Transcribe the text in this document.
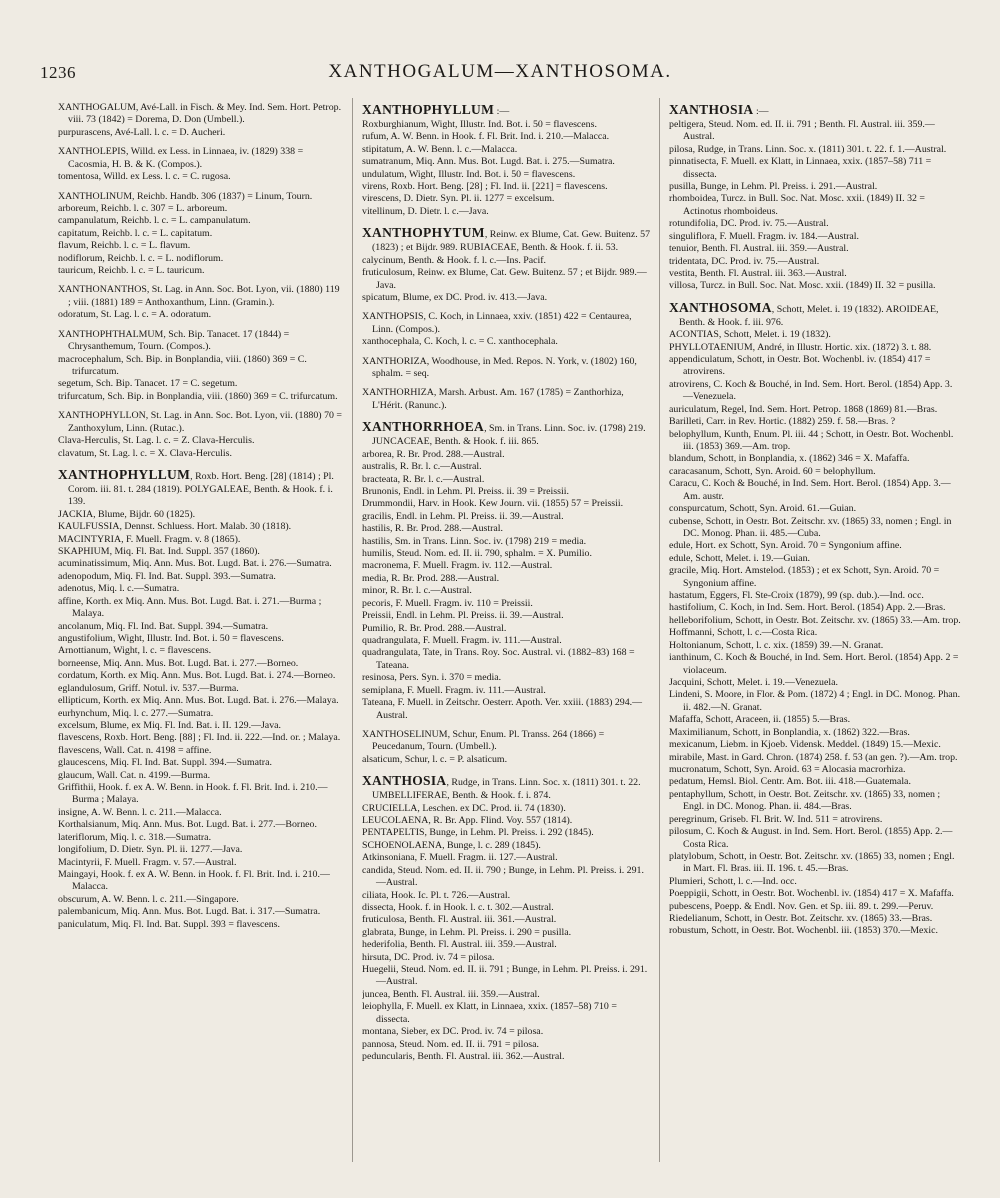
1236	XANTHOGALUM—XANTHOSOMA.
XANTHOGALUM, Avé-Lall. in Fisch. & Mey. Ind. Sem. Hort. Petrop. viii. 73 (1842) = Dorema, D. Don (Umbell.).
purpurascens, Avé-Lall. l. c. = D. Aucheri.
XANTHOLEPIS, Willd. ex Less. in Linnaea, iv. (1829) 338 = Cacosmia, H. B. & K. (Compos.).
tomentosa, Willd. ex Less. l. c. = C. rugosa.
XANTHOLINUM, Reichb. Handb. 306 (1837) = Linum, Tourn.
arboreum, Reichb. l. c. 307 = L. arboreum.
campanulatum, Reichb. l. c. = L. campanulatum.
capitatum, Reichb. l. c. = L. capitatum.
flavum, Reichb. l. c. = L. flavum.
nodiflorum, Reichb. l. c. = L. nodiflorum.
tauricum, Reichb. l. c. = L. tauricum.
XANTHONANTHOS, St. Lag. in Ann. Soc. Bot. Lyon, vii. (1880) 119 ; viii. (1881) 189 = Anthoxanthum, Linn. (Gramin.).
odoratum, St. Lag. l. c. = A. odoratum.
XANTHOPHTHALMUM, Sch. Bip. Tanacet. 17 (1844) = Chrysanthemum, Tourn. (Compos.).
macrocephalum, Sch. Bip. in Bonplandia, viii. (1860) 369 = C. trifurcatum.
segetum, Sch. Bip. Tanacet. 17 = C. segetum.
trifurcatum, Sch. Bip. in Bonplandia, viii. (1860) 369 = C. trifurcatum.
XANTHOPHYLLON, St. Lag. in Ann. Soc. Bot. Lyon, vii. (1880) 70 = Zanthoxylum, Linn. (Rutac.).
Clava-Herculis, St. Lag. l. c. = Z. Clava-Herculis.
clavatum, St. Lag. l. c. = X. Clava-Herculis.
XANTHOPHYLLUM, Roxb. Hort. Beng. [28] (1814) ; Pl. Corom. iii. 81. t. 284 (1819). POLYGALEAE, Benth. & Hook. f. i. 139.
JACKIA, Blume, Bijdr. 60 (1825).
KAULFUSSIA, Dennst. Schluess. Hort. Malab. 30 (1818).
MACINTYRIA, F. Muell. Fragm. v. 8 (1865).
SKAPHIUM, Miq. Fl. Bat. Ind. Suppl. 357 (1860).
acuminatissimum, Miq. Ann. Mus. Bot. Lugd. Bat. i. 276.—Sumatra.
adenopodum, Miq. Fl. Ind. Bat. Suppl. 393.—Sumatra.
adenotus, Miq. l. c.—Sumatra.
affine, Korth. ex Miq. Ann. Mus. Bot. Lugd. Bat. i. 271.—Burma ; Malaya.
ancolanum, Miq. Fl. Ind. Bat. Suppl. 394.—Sumatra.
angustifolium, Wight, Illustr. Ind. Bot. i. 50 = flavescens.
Arnottianum, Wight, l. c. = flavescens.
borneense, Miq. Ann. Mus. Bot. Lugd. Bat. i. 277.—Borneo.
cordatum, Korth. ex Miq. Ann. Mus. Bot. Lugd. Bat. i. 274.—Borneo.
eglandulosum, Griff. Notul. iv. 537.—Burma.
ellipticum, Korth. ex Miq. Ann. Mus. Bot. Lugd. Bat. i. 276.—Malaya.
eurhynchum, Miq. l. c. 277.—Sumatra.
excelsum, Blume, ex Miq. Fl. Ind. Bat. i. II. 129.—Java.
flavescens, Roxb. Hort. Beng. [88] ; Fl. Ind. ii. 222.—Ind. or. ; Malaya.
flavescens, Wall. Cat. n. 4198 = affine.
glaucescens, Miq. Fl. Ind. Bat. Suppl. 394.—Sumatra.
glaucum, Wall. Cat. n. 4199.—Burma.
Griffithii, Hook. f. ex A. W. Benn. in Hook. f. Fl. Brit. Ind. i. 210.—Burma ; Malaya.
insigne, A. W. Benn. l. c. 211.—Malacca.
Korthalsianum, Miq. Ann. Mus. Bot. Lugd. Bat. i. 277.—Borneo.
lateriflorum, Miq. l. c. 318.—Sumatra.
longifolium, D. Dietr. Syn. Pl. ii. 1277.—Java.
Macintyrii, F. Muell. Fragm. v. 57.—Austral.
Maingayi, Hook. f. ex A. W. Benn. in Hook. f. Fl. Brit. Ind. i. 210.—Malacca.
obscurum, A. W. Benn. l. c. 211.—Singapore.
palembanicum, Miq. Ann. Mus. Bot. Lugd. Bat. i. 317.—Sumatra.
paniculatum, Miq. Fl. Ind. Bat. Suppl. 393 = flavescens.
XANTHOPHYLLUM :—
Roxburghianum, Wight, Illustr. Ind. Bot. i. 50 = flavescens.
rufum, A. W. Benn. in Hook. f. Fl. Brit. Ind. i. 210.—Malacca.
stipitatum, A. W. Benn. l. c.—Malacca.
sumatranum, Miq. Ann. Mus. Bot. Lugd. Bat. i. 275.—Sumatra.
undulatum, Wight, Illustr. Ind. Bot. i. 50 = flavescens.
virens, Roxb. Hort. Beng. [28] ; Fl. Ind. ii. [221] = flavescens.
virescens, D. Dietr. Syn. Pl. ii. 1277 = excelsum.
vitellinum, D. Dietr. l. c.—Java.
XANTHOPHYTUM, Reinw. ex Blume, Cat. Gew. Buitenz. 57 (1823) ; et Bijdr. 989. RUBIACEAE, Benth. & Hook. f. ii. 53.
calycinum, Benth. & Hook. f. l. c.—Ins. Pacif.
fruticulosum, Reinw. ex Blume, Cat. Gew. Buitenz. 57 ; et Bijdr. 989.—Java.
spicatum, Blume, ex DC. Prod. iv. 413.—Java.
XANTHOPSIS, C. Koch, in Linnaea, xxiv. (1851) 422 = Centaurea, Linn. (Compos.).
xanthocephala, C. Koch, l. c. = C. xanthocephala.
XANTHORIZA, Woodhouse, in Med. Repos. N. York, v. (1802) 160, sphalm. = seq.
XANTHORHIZA, Marsh. Arbust. Am. 167 (1785) = Zanthorhiza, L'Hérit. (Ranunc.).
XANTHORRHOEA, Sm. in Trans. Linn. Soc. iv. (1798) 219. JUNCACEAE, Benth. & Hook. f. iii. 865.
arborea, R. Br. Prod. 288.—Austral.
australis, R. Br. l. c.—Austral.
bracteata, R. Br. l. c.—Austral.
Brunonis, Endl. in Lehm. Pl. Preiss. ii. 39 = Preissii.
Drummondii, Harv. in Hook. Kew Journ. vii. (1855) 57 = Preissii.
gracilis, Endl. in Lehm. Pl. Preiss. ii. 39.—Austral.
hastilis, R. Br. Prod. 288.—Austral.
hastilis, Sm. in Trans. Linn. Soc. iv. (1798) 219 = media.
humilis, Steud. Nom. ed. II. ii. 790, sphalm. = X. Pumilio.
macronema, F. Muell. Fragm. iv. 112.—Austral.
media, R. Br. Prod. 288.—Austral.
minor, R. Br. l. c.—Austral.
pecoris, F. Muell. Fragm. iv. 110 = Preissii.
Preissii, Endl. in Lehm. Pl. Preiss. ii. 39.—Austral.
Pumilio, R. Br. Prod. 288.—Austral.
quadrangulata, F. Muell. Fragm. iv. 111.—Austral.
quadrangulata, Tate, in Trans. Roy. Soc. Austral. vi. (1882–83) 168 = Tateana.
resinosa, Pers. Syn. i. 370 = media.
semiplana, F. Muell. Fragm. iv. 111.—Austral.
Tateana, F. Muell. in Zeitschr. Oesterr. Apoth. Ver. xxiii. (1883) 294.—Austral.
XANTHOSELINUM, Schur, Enum. Pl. Transs. 264 (1866) = Peucedanum, Tourn. (Umbell.).
alsaticum, Schur, l. c. = P. alsaticum.
XANTHOSIA, Rudge, in Trans. Linn. Soc. x. (1811) 301. t. 22. UMBELLIFERAE, Benth. & Hook. f. i. 874.
CRUCIELLA, Leschen. ex DC. Prod. ii. 74 (1830).
LEUCOLAENA, R. Br. App. Flind. Voy. 557 (1814).
PENTAPELTIS, Bunge, in Lehm. Pl. Preiss. i. 292 (1845).
SCHOENOLAENA, Bunge, l. c. 289 (1845).
Atkinsoniana, F. Muell. Fragm. ii. 127.—Austral.
candida, Steud. Nom. ed. II. ii. 790 ; Bunge, in Lehm. Pl. Preiss. i. 291.—Austral.
ciliata, Hook. Ic. Pl. t. 726.—Austral.
dissecta, Hook. f. in Hook. l. c. t. 302.—Austral.
fruticulosa, Benth. Fl. Austral. iii. 361.—Austral.
glabrata, Bunge, in Lehm. Pl. Preiss. i. 290 = pusilla.
hederifolia, Benth. Fl. Austral. iii. 359.—Austral.
hirsuta, DC. Prod. iv. 74 = pilosa.
Huegelii, Steud. Nom. ed. II. ii. 791 ; Bunge, in Lehm. Pl. Preiss. i. 291.—Austral.
juncea, Benth. Fl. Austral. iii. 359.—Austral.
leiophylla, F. Muell. ex Klatt, in Linnaea, xxix. (1857–58) 710 = dissecta.
montana, Sieber, ex DC. Prod. iv. 74 = pilosa.
pannosa, Steud. Nom. ed. II. ii. 791 = pilosa.
peduncularis, Benth. Fl. Austral. iii. 362.—Austral.
XANTHOSIA :—
peltigera, Steud. Nom. ed. II. ii. 791 ; Benth. Fl. Austral. iii. 359.—Austral.
pilosa, Rudge, in Trans. Linn. Soc. x. (1811) 301. t. 22. f. 1.—Austral.
pinnatisecta, F. Muell. ex Klatt, in Linnaea, xxix. (1857–58) 711 = dissecta.
pusilla, Bunge, in Lehm. Pl. Preiss. i. 291.—Austral.
rhomboidea, Turcz. in Bull. Soc. Nat. Mosc. xxii. (1849) II. 32 = Actinotus rhomboideus.
rotundifolia, DC. Prod. iv. 75.—Austral.
singuliflora, F. Muell. Fragm. iv. 184.—Austral.
tenuior, Benth. Fl. Austral. iii. 359.—Austral.
tridentata, DC. Prod. iv. 75.—Austral.
vestita, Benth. Fl. Austral. iii. 363.—Austral.
villosa, Turcz. in Bull. Soc. Nat. Mosc. xxii. (1849) II. 32 = pusilla.
XANTHOSOMA, Schott, Melet. i. 19 (1832). AROIDEAE, Benth. & Hook. f. iii. 976.
ACONTIAS, Schott, Melet. i. 19 (1832).
PHYLLOTAENIUM, André, in Illustr. Hortic. xix. (1872) 3. t. 88.
appendiculatum, Schott, in Oestr. Bot. Wochenbl. iv. (1854) 417 = atrovirens.
atrovirens, C. Koch & Bouché, in Ind. Sem. Hort. Berol. (1854) App. 3.—Venezuela.
auriculatum, Regel, Ind. Sem. Hort. Petrop. 1868 (1869) 81.—Bras.
Barilleti, Carr. in Rev. Hortic. (1882) 259. f. 58.—Bras. ?
belophyllum, Kunth, Enum. Pl. iii. 44 ; Schott, in Oestr. Bot. Wochenbl. iii. (1853) 369.—Am. trop.
blandum, Schott, in Bonplandia, x. (1862) 346 = X. Mafaffa.
caracasanum, Schott, Syn. Aroid. 60 = belophyllum.
Caracu, C. Koch & Bouché, in Ind. Sem. Hort. Berol. (1854) App. 3.—Am. austr.
conspurcatum, Schott, Syn. Aroid. 61.—Guian.
cubense, Schott, in Oestr. Bot. Zeitschr. xv. (1865) 33, nomen ; Engl. in DC. Monog. Phan. ii. 485.—Cuba.
edule, Hort. ex Schott, Syn. Aroid. 70 = Syngonium affine.
edule, Schott, Melet. i. 19.—Guian.
gracile, Miq. Hort. Amstelod. (1853) ; et ex Schott, Syn. Aroid. 70 = Syngonium affine.
hastatum, Eggers, Fl. Ste-Croix (1879), 99 (sp. dub.).—Ind. occ.
hastifolium, C. Koch, in Ind. Sem. Hort. Berol. (1854) App. 2.—Bras.
helleborifolium, Schott, in Oestr. Bot. Zeitschr. xv. (1865) 33.—Am. trop.
Hoffmanni, Schott, l. c.—Costa Rica.
Holtonianum, Schott, l. c. xix. (1859) 39.—N. Granat.
ianthinum, C. Koch & Bouché, in Ind. Sem. Hort. Berol. (1854) App. 2 = violaceum.
Jacquini, Schott, Melet. i. 19.—Venezuela.
Lindeni, S. Moore, in Flor. & Pom. (1872) 4 ; Engl. in DC. Monog. Phan. ii. 482.—N. Granat.
Mafaffa, Schott, Araceen, ii. (1855) 5.—Bras.
Maximilianum, Schott, in Bonplandia, x. (1862) 322.—Bras.
mexicanum, Liebm. in Kjoeb. Vidensk. Meddel. (1849) 15.—Mexic.
mirabile, Mast. in Gard. Chron. (1874) 258. f. 53 (an gen. ?).—Am. trop.
mucronatum, Schott, Syn. Aroid. 63 = Alocasia macrorhiza.
pedatum, Hemsl. Biol. Centr. Am. Bot. iii. 418.—Guatemala.
pentaphyllum, Schott, in Oestr. Bot. Zeitschr. xv. (1865) 33, nomen ; Engl. in DC. Monog. Phan. ii. 484.—Bras.
peregrinum, Griseb. Fl. Brit. W. Ind. 511 = atrovirens.
pilosum, C. Koch & August. in Ind. Sem. Hort. Berol. (1855) App. 2.—Costa Rica.
platylobum, Schott, in Oestr. Bot. Zeitschr. xv. (1865) 33, nomen ; Engl. in Mart. Fl. Bras. iii. II. 196. t. 45.—Bras.
Plumieri, Schott, l. c.—Ind. occ.
Poeppigii, Schott, in Oestr. Bot. Wochenbl. iv. (1854) 417 = X. Mafaffa.
pubescens, Poepp. & Endl. Nov. Gen. et Sp. iii. 89. t. 299.—Peruv.
Riedelianum, Schott, in Oestr. Bot. Zeitschr. xv. (1865) 33.—Bras.
robustum, Schott, in Oestr. Bot. Wochenbl. iii. (1853) 370.—Mexic.
